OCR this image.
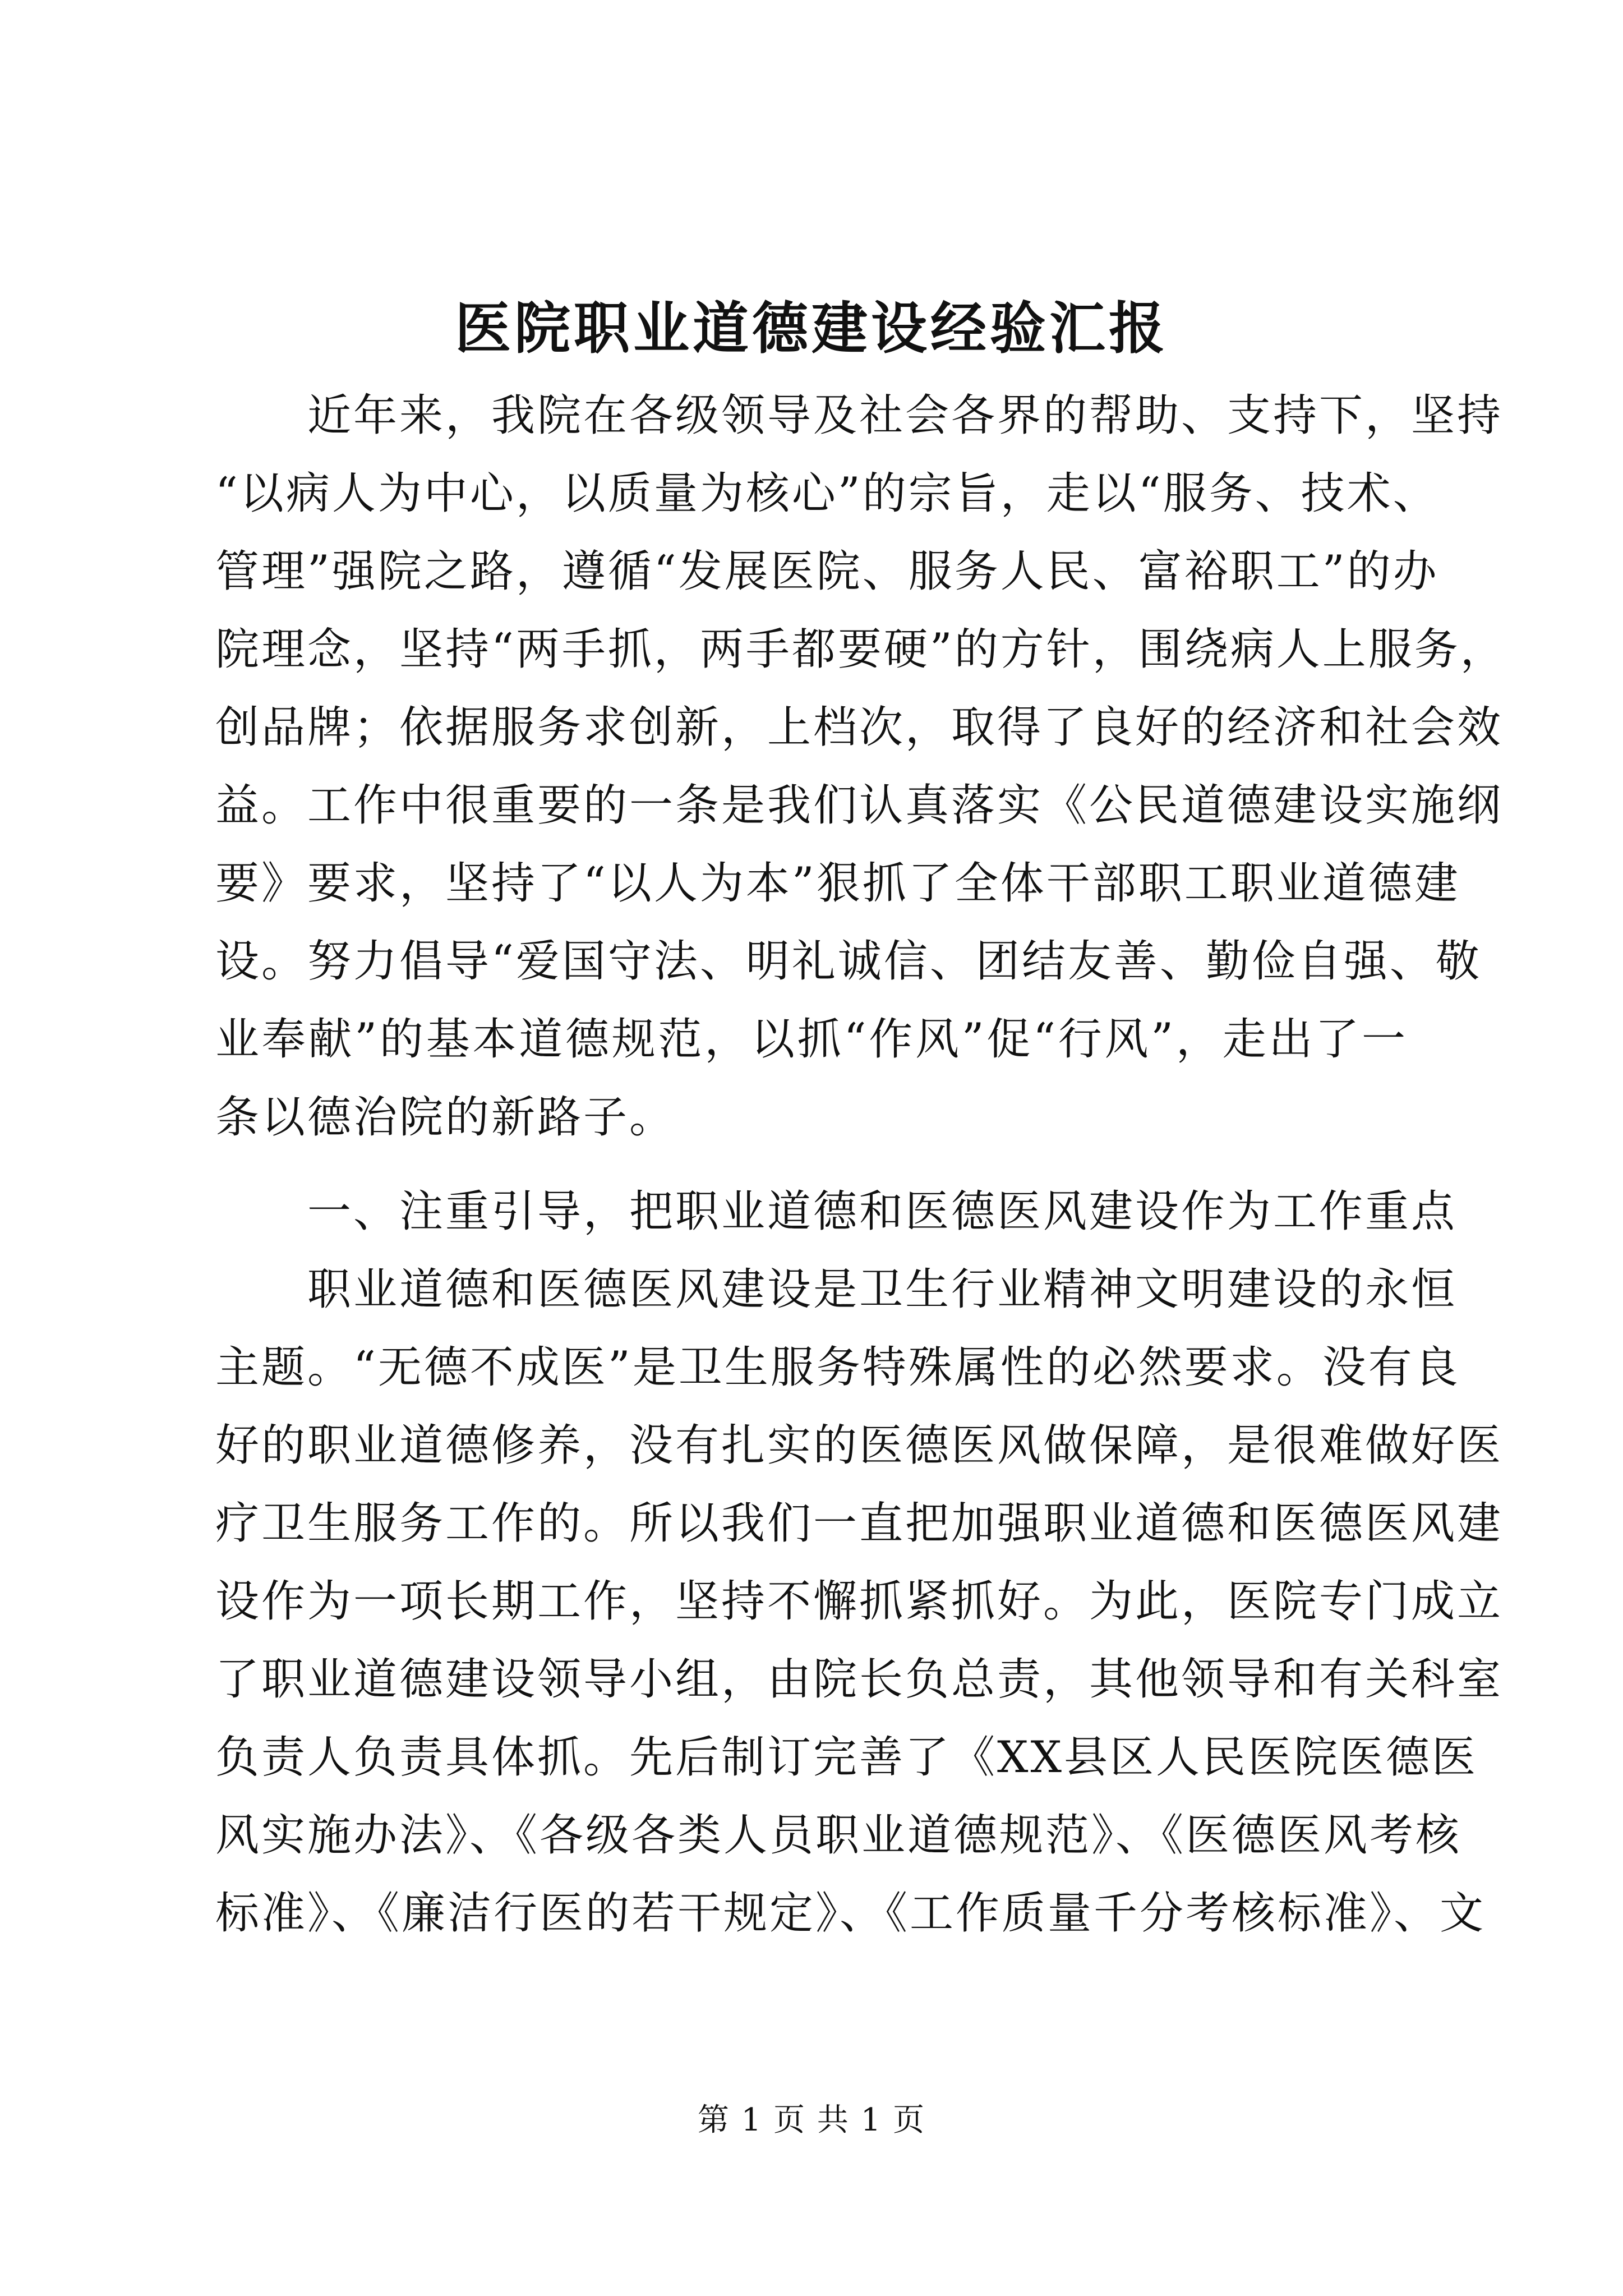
医院职业道德建设经验汇报
近年来，我院在各级领导及社会各界的帮助、支持下，坚持
“以病人为中心，以质量为核心”的宗旨，走以“服务、技术、
管理”强院之路，遵循“发展医院、服务人民、富裕职工”的办
院理念，坚持“两手抓，两手都要硬”的方针，围绕病人上服务，
创品牌；依据服务求创新，上档次，取得了良好的经济和社会效
益。工作中很重要的一条是我们认真落实《公民道德建设实施纲
要》要求，坚持了“以人为本”狠抓了全体干部职工职业道德建
设。努力倡导“爱国守法、明礼诚信、团结友善、勤俭自强、敬
业奉献”的基本道德规范，以抓“作风”促“行风”，走出了一
条以德治院的新路子。
一、注重引导，把职业道德和医德医风建设作为工作重点
职业道德和医德医风建设是卫生行业精神文明建设的永恒
主题。“无德不成医”是卫生服务特殊属性的必然要求。没有良
好的职业道德修养，没有扎实的医德医风做保障，是很难做好医
疗卫生服务工作的。所以我们一直把加强职业道德和医德医风建
设作为一项长期工作，坚持不懈抓紧抓好。为此，医院专门成立
了职业道德建设领导小组，由院长负总责，其他领导和有关科室
负责人负责具体抓。先后制订完善了《XX县区人民医院医德医
风实施办法》、《各级各类人员职业道德规范》、《医德医风考核
标准》、《廉洁行医的若干规定》、《工作质量千分考核标准》、文
第 1 页 共 1 页
